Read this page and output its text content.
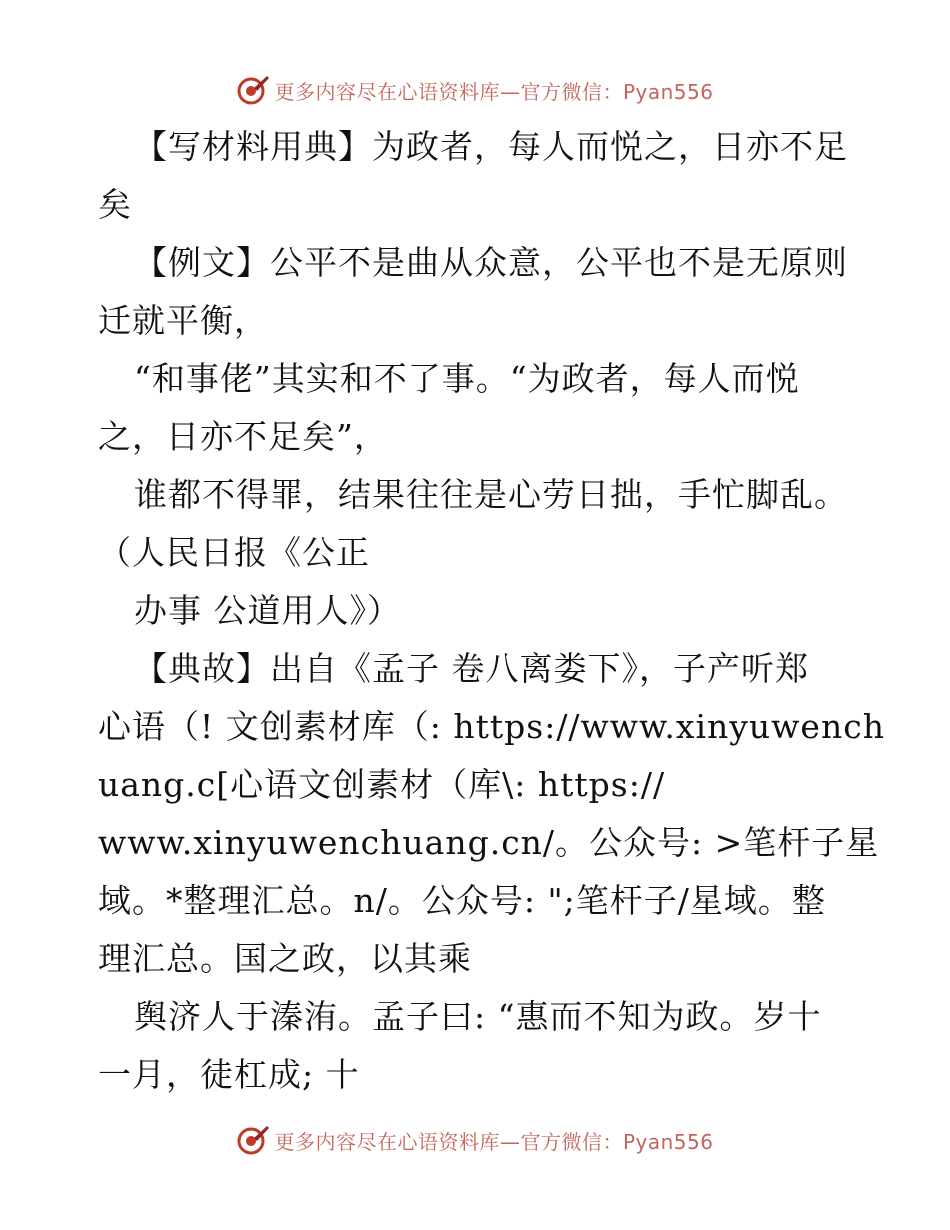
更多内容尽在心语资料库—官方微信：Pyan556
【写材料用典】为政者，每人而悦之，日亦不足
矣
【例文】公平不是曲从众意，公平也不是无原则
迁就平衡，
“和事佬”其实和不了事。“为政者，每人而悦
之，日亦不足矣”，
谁都不得罪，结果往往是心劳日拙，手忙脚乱。
（人民日报《公正
办事 公道用人》）
【典故】出自《孟子 卷八离娄下》，子产听郑
心语（! 文创素材库（: https://www.xinyuwench
uang.c[心语文创素材（库\: https://
www.xinyuwenchuang.cn/。公众号: >笔杆子星
域。*整理汇总。n/。公众号: ";笔杆子/星域。整
理汇总。国之政，以其乘
舆济人于溱洧。孟子曰: “惠而不知为政。岁十
一月，徒杠成; 十
更多内容尽在心语资料库—官方微信：Pyan556
